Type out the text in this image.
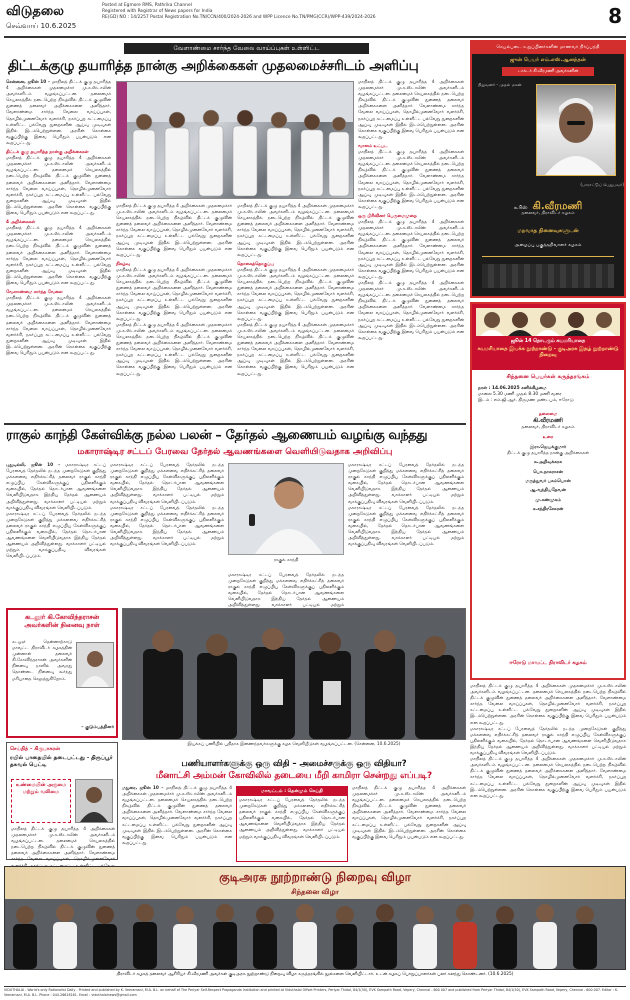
விடுதலை
செவ்வாய் 10.6.2025
Posted at Egmore RMS, Pathrika Channel
Registered with Registrar of News papers for India
RE(GD) NO : 14/2257 Postal Registration No.TN/CCN/400/2024-2026 and WPP Licence No.TN/PMG(CCR)/WPP-439/2024-2026	8
வேளாண்மை சார்ந்த வேலை வாய்ப்புகள் உள்ளிட்ட
திட்டக்குழு தயாரித்த நான்கு அறிக்கைகள் முதலமைச்சரிடம் அளிப்பு
சென்னை, ஜூன் 10 – மாநிலத் திட்டக் குழு தயாரித்த 4 அறிக்கைகள் முதலமைச்சர் மு.க.ஸ்டாலின் அவர்களிடம் வழங்கப்பட்டன. தலைமைச் செயலகத்தில் நடைபெற்ற நிகழ்வில் திட்டக் குழுவின் துணைத் தலைவர் அறிக்கைகளை அளித்தார். வேளாண்மை சார்ந்த வேலை வாய்ப்புகள், தொழில்முனைவோர் வளர்ச்சி, நகர்ப்புற கட்டமைப்பு உள்ளிட்ட பல்வேறு துறைகளின் ஆய்வு முடிவுகள் இதில் இடம்பெற்றுள்ளன. அரசின் கொள்கை வகுப்பிற்கு இவை பெரிதும் பயன்படும் என கூறப்பட்டது.
திட்டக் குழு தயாரித்த நான்கு அறிக்கைகள்
மாநிலத் திட்டக் குழு தயாரித்த 4 அறிக்கைகள் முதலமைச்சர் மு.க.ஸ்டாலின் அவர்களிடம் வழங்கப்பட்டன. தலைமைச் செயலகத்தில் நடைபெற்ற நிகழ்வில் திட்டக் குழுவின் துணைத் தலைவர் அறிக்கைகளை அளித்தார். வேளாண்மை சார்ந்த வேலை வாய்ப்புகள், தொழில்முனைவோர் வளர்ச்சி, நகர்ப்புற கட்டமைப்பு உள்ளிட்ட பல்வேறு துறைகளின் ஆய்வு முடிவுகள் இதில் இடம்பெற்றுள்ளன. அரசின் கொள்கை வகுப்பிற்கு இவை பெரிதும் பயன்படும் என கூறப்பட்டது.
4 அறிக்கைகள்
மாநிலத் திட்டக் குழு தயாரித்த 4 அறிக்கைகள் முதலமைச்சர் மு.க.ஸ்டாலின் அவர்களிடம் வழங்கப்பட்டன. தலைமைச் செயலகத்தில் நடைபெற்ற நிகழ்வில் திட்டக் குழுவின் துணைத் தலைவர் அறிக்கைகளை அளித்தார். வேளாண்மை சார்ந்த வேலை வாய்ப்புகள், தொழில்முனைவோர் வளர்ச்சி, நகர்ப்புற கட்டமைப்பு உள்ளிட்ட பல்வேறு துறைகளின் ஆய்வு முடிவுகள் இதில் இடம்பெற்றுள்ளன. அரசின் கொள்கை வகுப்பிற்கு இவை பெரிதும் பயன்படும் என கூறப்பட்டது.
வேளாண்மை சார்ந்த வேலை
மாநிலத் திட்டக் குழு தயாரித்த 4 அறிக்கைகள் முதலமைச்சர் மு.க.ஸ்டாலின் அவர்களிடம் வழங்கப்பட்டன. தலைமைச் செயலகத்தில் நடைபெற்ற நிகழ்வில் திட்டக் குழுவின் துணைத் தலைவர் அறிக்கைகளை அளித்தார். வேளாண்மை சார்ந்த வேலை வாய்ப்புகள், தொழில்முனைவோர் வளர்ச்சி, நகர்ப்புற கட்டமைப்பு உள்ளிட்ட பல்வேறு துறைகளின் ஆய்வு முடிவுகள் இதில் இடம்பெற்றுள்ளன. அரசின் கொள்கை வகுப்பிற்கு இவை பெரிதும் பயன்படும் என கூறப்பட்டது.
மாநிலத் திட்டக் குழு தயாரித்த 4 அறிக்கைகள் முதலமைச்சர் மு.க.ஸ்டாலின் அவர்களிடம் வழங்கப்பட்டன. தலைமைச் செயலகத்தில் நடைபெற்ற நிகழ்வில் திட்டக் குழுவின் துணைத் தலைவர் அறிக்கைகளை அளித்தார். வேளாண்மை சார்ந்த வேலை வாய்ப்புகள், தொழில்முனைவோர் வளர்ச்சி, நகர்ப்புற கட்டமைப்பு உள்ளிட்ட பல்வேறு துறைகளின் ஆய்வு முடிவுகள் இதில் இடம்பெற்றுள்ளன. அரசின் கொள்கை வகுப்பிற்கு இவை பெரிதும் பயன்படும் என கூறப்பட்டது.
வானம் உட்பட
மாநிலத் திட்டக் குழு தயாரித்த 4 அறிக்கைகள் முதலமைச்சர் மு.க.ஸ்டாலின் அவர்களிடம் வழங்கப்பட்டன. தலைமைச் செயலகத்தில் நடைபெற்ற நிகழ்வில் திட்டக் குழுவின் துணைத் தலைவர் அறிக்கைகளை அளித்தார். வேளாண்மை சார்ந்த வேலை வாய்ப்புகள், தொழில்முனைவோர் வளர்ச்சி, நகர்ப்புற கட்டமைப்பு உள்ளிட்ட பல்வேறு துறைகளின் ஆய்வு முடிவுகள் இதில் இடம்பெற்றுள்ளன. அரசின் கொள்கை வகுப்பிற்கு இவை பெரிதும் பயன்படும் என கூறப்பட்டது.
ஒரு பிரிவினர் பெருமைமுறை
மாநிலத் திட்டக் குழு தயாரித்த 4 அறிக்கைகள் முதலமைச்சர் மு.க.ஸ்டாலின் அவர்களிடம் வழங்கப்பட்டன. தலைமைச் செயலகத்தில் நடைபெற்ற நிகழ்வில் திட்டக் குழுவின் துணைத் தலைவர் அறிக்கைகளை அளித்தார். வேளாண்மை சார்ந்த வேலை வாய்ப்புகள், தொழில்முனைவோர் வளர்ச்சி, நகர்ப்புற கட்டமைப்பு உள்ளிட்ட பல்வேறு துறைகளின் ஆய்வு முடிவுகள் இதில் இடம்பெற்றுள்ளன. அரசின் கொள்கை வகுப்பிற்கு இவை பெரிதும் பயன்படும் என கூறப்பட்டது.
மாநிலத் திட்டக் குழு தயாரித்த 4 அறிக்கைகள் முதலமைச்சர் மு.க.ஸ்டாலின் அவர்களிடம் வழங்கப்பட்டன. தலைமைச் செயலகத்தில் நடைபெற்ற நிகழ்வில் திட்டக் குழுவின் துணைத் தலைவர் அறிக்கைகளை அளித்தார். வேளாண்மை சார்ந்த வேலை வாய்ப்புகள், தொழில்முனைவோர் வளர்ச்சி, நகர்ப்புற கட்டமைப்பு உள்ளிட்ட பல்வேறு துறைகளின் ஆய்வு முடிவுகள் இதில் இடம்பெற்றுள்ளன. அரசின் கொள்கை வகுப்பிற்கு இவை பெரிதும் பயன்படும் என கூறப்பட்டது.
மாநிலத் திட்டக் குழு தயாரித்த 4 அறிக்கைகள் முதலமைச்சர் மு.க.ஸ்டாலின் அவர்களிடம் வழங்கப்பட்டன. தலைமைச் செயலகத்தில் நடைபெற்ற நிகழ்வில் திட்டக் குழுவின் துணைத் தலைவர் அறிக்கைகளை அளித்தார். வேளாண்மை சார்ந்த வேலை வாய்ப்புகள், தொழில்முனைவோர் வளர்ச்சி, நகர்ப்புற கட்டமைப்பு உள்ளிட்ட பல்வேறு துறைகளின் ஆய்வு முடிவுகள் இதில் இடம்பெற்றுள்ளன. அரசின் கொள்கை வகுப்பிற்கு இவை பெரிதும் பயன்படும் என கூறப்பட்டது.
நிகழ்வு
மாநிலத் திட்டக் குழு தயாரித்த 4 அறிக்கைகள் முதலமைச்சர் மு.க.ஸ்டாலின் அவர்களிடம் வழங்கப்பட்டன. தலைமைச் செயலகத்தில் நடைபெற்ற நிகழ்வில் திட்டக் குழுவின் துணைத் தலைவர் அறிக்கைகளை அளித்தார். வேளாண்மை சார்ந்த வேலை வாய்ப்புகள், தொழில்முனைவோர் வளர்ச்சி, நகர்ப்புற கட்டமைப்பு உள்ளிட்ட பல்வேறு துறைகளின் ஆய்வு முடிவுகள் இதில் இடம்பெற்றுள்ளன. அரசின் கொள்கை வகுப்பிற்கு இவை பெரிதும் பயன்படும் என கூறப்பட்டது.
மாநிலத் திட்டக் குழு தயாரித்த 4 அறிக்கைகள் முதலமைச்சர் மு.க.ஸ்டாலின் அவர்களிடம் வழங்கப்பட்டன. தலைமைச் செயலகத்தில் நடைபெற்ற நிகழ்வில் திட்டக் குழுவின் துணைத் தலைவர் அறிக்கைகளை அளித்தார். வேளாண்மை சார்ந்த வேலை வாய்ப்புகள், தொழில்முனைவோர் வளர்ச்சி, நகர்ப்புற கட்டமைப்பு உள்ளிட்ட பல்வேறு துறைகளின் ஆய்வு முடிவுகள் இதில் இடம்பெற்றுள்ளன. அரசின் கொள்கை வகுப்பிற்கு இவை பெரிதும் பயன்படும் என கூறப்பட்டது.
மாநிலத் திட்டக் குழு தயாரித்த 4 அறிக்கைகள் முதலமைச்சர் மு.க.ஸ்டாலின் அவர்களிடம் வழங்கப்பட்டன. தலைமைச் செயலகத்தில் நடைபெற்ற நிகழ்வில் திட்டக் குழுவின் துணைத் தலைவர் அறிக்கைகளை அளித்தார். வேளாண்மை சார்ந்த வேலை வாய்ப்புகள், தொழில்முனைவோர் வளர்ச்சி, நகர்ப்புற கட்டமைப்பு உள்ளிட்ட பல்வேறு துறைகளின் ஆய்வு முடிவுகள் இதில் இடம்பெற்றுள்ளன. அரசின் கொள்கை வகுப்பிற்கு இவை பெரிதும் பயன்படும் என கூறப்பட்டது.
தொகைத்தொகுப்பு
மாநிலத் திட்டக் குழு தயாரித்த 4 அறிக்கைகள் முதலமைச்சர் மு.க.ஸ்டாலின் அவர்களிடம் வழங்கப்பட்டன. தலைமைச் செயலகத்தில் நடைபெற்ற நிகழ்வில் திட்டக் குழுவின் துணைத் தலைவர் அறிக்கைகளை அளித்தார். வேளாண்மை சார்ந்த வேலை வாய்ப்புகள், தொழில்முனைவோர் வளர்ச்சி, நகர்ப்புற கட்டமைப்பு உள்ளிட்ட பல்வேறு துறைகளின் ஆய்வு முடிவுகள் இதில் இடம்பெற்றுள்ளன. அரசின் கொள்கை வகுப்பிற்கு இவை பெரிதும் பயன்படும் என கூறப்பட்டது.
மாநிலத் திட்டக் குழு தயாரித்த 4 அறிக்கைகள் முதலமைச்சர் மு.க.ஸ்டாலின் அவர்களிடம் வழங்கப்பட்டன. தலைமைச் செயலகத்தில் நடைபெற்ற நிகழ்வில் திட்டக் குழுவின் துணைத் தலைவர் அறிக்கைகளை அளித்தார். வேளாண்மை சார்ந்த வேலை வாய்ப்புகள், தொழில்முனைவோர் வளர்ச்சி, நகர்ப்புற கட்டமைப்பு உள்ளிட்ட பல்வேறு துறைகளின் ஆய்வு முடிவுகள் இதில் இடம்பெற்றுள்ளன. அரசின் கொள்கை வகுப்பிற்கு இவை பெரிதும் பயன்படும் என கூறப்பட்டது.
செயல்படை உறுப்பினர்களின் மாணவர் நிர்ப்பந்தி
ஜுன் பெயர் எம்.எஸ்.ஆனந்தன்
டாக்டர் கி.வீரமணி அவர்களின்
நிறுவனர் - முதல் மகன்
(பாராட்டுப் பெறுபவர்)
சு.ரிஸ் கி.வீரமணி
தலைவர், திராவிடர் கழகம்
மறவாத நினைவுகளுடன்
அழைப்பு பகுத்தறிவாளர் கழகம்
ஜூன் 14 தொடரும் சுயமரியாதை
சுயமரியாதை இயக்க நூற்றாண்டு - குடிஅரசு இதழ் நூற்றாண்டு நிறைவு
சிந்தனை பெயர்கள் கருத்தரங்கம்
நாள் : 14.06.2025 சனிக்கிழமை
மாலை 5.30 மணி முதல் 8.30 மணி வரை
இடம் : எம்.ஜி.ஆர். திருமண மண்டபம், ஈரோடு
தலைமை
கி.வீரமணி
தலைவர், திராவிடர் கழகம்
உரை
இரா.ஜெயக்குமார்
திட்டக் குழு தயாரித்த நான்கு அறிக்கைகள்
சு.அறிவுக்கரசு
பொ.நாகராசன்
மருத்துவர் பசும்பொன்
ஆ.வந்தியதேவன்
மு.சண்முகம்
க.சந்திரசேகரன்
ஈரோடு மாவட்ட திராவிடர் கழகம்
ராகுல் காந்தி கேள்விக்கு நல்ல பலன் – தேர்தல் ஆணையம் வழங்கு வந்தது
மகாராஷ்டிர சட்டப் பேரவை தேர்தல் ஆவணங்களை வெளியிடுவதாக அறிவிப்பு
புதுடில்லி, ஜூன் 10 – மகாராஷ்டிர சட்டப் பேரவைத் தேர்தலில் நடந்த முறைகேடுகள் குறித்து மக்களவை எதிர்க்கட்சித் தலைவர் ராகுல் காந்தி எழுப்பிய கேள்விகளுக்குப் பதிலளிக்கும் வகையில், தேர்தல் தொடர்பான ஆவணங்களை வெளியிடுவதாக இந்திய தேர்தல் ஆணையம் அறிவித்துள்ளது. வாக்காளர் பட்டியல் மற்றும் வாக்குப்பதிவு விவரங்கள் வெளியிடப்படும்.
மகாராஷ்டிர சட்டப் பேரவைத் தேர்தலில் நடந்த முறைகேடுகள் குறித்து மக்களவை எதிர்க்கட்சித் தலைவர் ராகுல் காந்தி எழுப்பிய கேள்விகளுக்குப் பதிலளிக்கும் வகையில், தேர்தல் தொடர்பான ஆவணங்களை வெளியிடுவதாக இந்திய தேர்தல் ஆணையம் அறிவித்துள்ளது. வாக்காளர் பட்டியல் மற்றும் வாக்குப்பதிவு விவரங்கள் வெளியிடப்படும்.
மகாராஷ்டிர சட்டப் பேரவைத் தேர்தலில் நடந்த முறைகேடுகள் குறித்து மக்களவை எதிர்க்கட்சித் தலைவர் ராகுல் காந்தி எழுப்பிய கேள்விகளுக்குப் பதிலளிக்கும் வகையில், தேர்தல் தொடர்பான ஆவணங்களை வெளியிடுவதாக இந்திய தேர்தல் ஆணையம் அறிவித்துள்ளது. வாக்காளர் பட்டியல் மற்றும் வாக்குப்பதிவு விவரங்கள் வெளியிடப்படும்.
மகாராஷ்டிர சட்டப் பேரவைத் தேர்தலில் நடந்த முறைகேடுகள் குறித்து மக்களவை எதிர்க்கட்சித் தலைவர் ராகுல் காந்தி எழுப்பிய கேள்விகளுக்குப் பதிலளிக்கும் வகையில், தேர்தல் தொடர்பான ஆவணங்களை வெளியிடுவதாக இந்திய தேர்தல் ஆணையம் அறிவித்துள்ளது. வாக்காளர் பட்டியல் மற்றும் வாக்குப்பதிவு விவரங்கள் வெளியிடப்படும்.
ராகுல் காந்தி
மகாராஷ்டிர சட்டப் பேரவைத் தேர்தலில் நடந்த முறைகேடுகள் குறித்து மக்களவை எதிர்க்கட்சித் தலைவர் ராகுல் காந்தி எழுப்பிய கேள்விகளுக்குப் பதிலளிக்கும் வகையில், தேர்தல் தொடர்பான ஆவணங்களை வெளியிடுவதாக இந்திய தேர்தல் ஆணையம் அறிவித்துள்ளது. வாக்காளர் பட்டியல் மற்றும்
மகாராஷ்டிர சட்டப் பேரவைத் தேர்தலில் நடந்த முறைகேடுகள் குறித்து மக்களவை எதிர்க்கட்சித் தலைவர் ராகுல் காந்தி எழுப்பிய கேள்விகளுக்குப் பதிலளிக்கும் வகையில், தேர்தல் தொடர்பான ஆவணங்களை வெளியிடுவதாக இந்திய தேர்தல் ஆணையம் அறிவித்துள்ளது. வாக்காளர் பட்டியல் மற்றும் வாக்குப்பதிவு விவரங்கள் வெளியிடப்படும்.
மகாராஷ்டிர சட்டப் பேரவைத் தேர்தலில் நடந்த முறைகேடுகள் குறித்து மக்களவை எதிர்க்கட்சித் தலைவர் ராகுல் காந்தி எழுப்பிய கேள்விகளுக்குப் பதிலளிக்கும் வகையில், தேர்தல் தொடர்பான ஆவணங்களை வெளியிடுவதாக இந்திய தேர்தல் ஆணையம் அறிவித்துள்ளது. வாக்காளர் பட்டியல் மற்றும் வாக்குப்பதிவு விவரங்கள் வெளியிடப்படும்.
கடலூர் கி.கோவிந்தராசன் அவர்களின் நினைவு நாள்
கடலூர் தென்னாற்காடு மாவட்ட திராவிடர் கழகத்தின் முன்னாள் தலைவர் கி.கோவிந்தராசன் அவர்களின் நினைவு நாளில் அவரது தொண்டை நினைவு கூர்ந்து மரியாதை செலுத்துகிறோம்.
– குடும்பத்தினர்
இயக்கப் பணியில் புதிதாக இணைந்தவர்களுக்கு கழக வெளியீடுகள் வழங்கப்பட்டன. (சென்னை, 10.6.2025)
செய்தித் – கிருபாகரன்
ரயில் பாதையில் தடைபட்டது - திருப்பூர் தகவல் பெட்டி
உண்மையின் அருமை மற்றும் வலிமை
மாநிலத் திட்டக் குழு தயாரித்த 4 அறிக்கைகள் முதலமைச்சர் மு.க.ஸ்டாலின் அவர்களிடம் வழங்கப்பட்டன. தலைமைச் செயலகத்தில் நடைபெற்ற நிகழ்வில் திட்டக் குழுவின் துணைத் தலைவர் அறிக்கைகளை அளித்தார். வேளாண்மை சார்ந்த வேலை வாய்ப்புகள், தொழில்முனைவோர்
பணியாளர்களுக்கு ஒரு விதி – அமைச்சருக்கு ஒரு விதியா?
மீனாட்சி அம்மன் கோவிலில் தடையை மீறி காமிரா சென்றது எப்படி?
மதுரை, ஜூன் 10 – மாநிலத் திட்டக் குழு தயாரித்த 4 அறிக்கைகள் முதலமைச்சர் மு.க.ஸ்டாலின் அவர்களிடம் வழங்கப்பட்டன. தலைமைச் செயலகத்தில் நடைபெற்ற நிகழ்வில் திட்டக் குழுவின் துணைத் தலைவர் அறிக்கைகளை அளித்தார். வேளாண்மை சார்ந்த வேலை வாய்ப்புகள், தொழில்முனைவோர் வளர்ச்சி, நகர்ப்புற கட்டமைப்பு உள்ளிட்ட பல்வேறு துறைகளின் ஆய்வு முடிவுகள் இதில் இடம்பெற்றுள்ளன. அரசின் கொள்கை வகுப்பிற்கு இவை பெரிதும் பயன்படும் என கூறப்பட்டது.
மாவட்டம் : தென்மும் செய்தி
மகாராஷ்டிர சட்டப் பேரவைத் தேர்தலில் நடந்த முறைகேடுகள் குறித்து மக்களவை எதிர்க்கட்சித் தலைவர் ராகுல் காந்தி எழுப்பிய கேள்விகளுக்குப் பதிலளிக்கும் வகையில், தேர்தல் தொடர்பான ஆவணங்களை வெளியிடுவதாக இந்திய தேர்தல் ஆணையம் அறிவித்துள்ளது. வாக்காளர் பட்டியல் மற்றும் வாக்குப்பதிவு விவரங்கள் வெளியிடப்படும்.
மாநிலத் திட்டக் குழு தயாரித்த 4 அறிக்கைகள் முதலமைச்சர் மு.க.ஸ்டாலின் அவர்களிடம் வழங்கப்பட்டன. தலைமைச் செயலகத்தில் நடைபெற்ற நிகழ்வில் திட்டக் குழுவின் துணைத் தலைவர் அறிக்கைகளை அளித்தார். வேளாண்மை சார்ந்த வேலை வாய்ப்புகள், தொழில்முனைவோர் வளர்ச்சி, நகர்ப்புற கட்டமைப்பு உள்ளிட்ட பல்வேறு துறைகளின் ஆய்வு முடிவுகள் இதில் இடம்பெற்றுள்ளன. அரசின் கொள்கை வகுப்பிற்கு இவை பெரிதும் பயன்படும் என கூறப்பட்டது.
மாநிலத் திட்டக் குழு தயாரித்த 4 அறிக்கைகள் முதலமைச்சர் மு.க.ஸ்டாலின் அவர்களிடம் வழங்கப்பட்டன. தலைமைச் செயலகத்தில் நடைபெற்ற நிகழ்வில் திட்டக் குழுவின் துணைத் தலைவர் அறிக்கைகளை அளித்தார். வேளாண்மை சார்ந்த வேலை வாய்ப்புகள், தொழில்முனைவோர் வளர்ச்சி, நகர்ப்புற கட்டமைப்பு உள்ளிட்ட பல்வேறு துறைகளின் ஆய்வு முடிவுகள் இதில் இடம்பெற்றுள்ளன. அரசின் கொள்கை வகுப்பிற்கு இவை பெரிதும் பயன்படும் என கூறப்பட்டது.
மகாராஷ்டிர சட்டப் பேரவைத் தேர்தலில் நடந்த முறைகேடுகள் குறித்து மக்களவை எதிர்க்கட்சித் தலைவர் ராகுல் காந்தி எழுப்பிய கேள்விகளுக்குப் பதிலளிக்கும் வகையில், தேர்தல் தொடர்பான ஆவணங்களை வெளியிடுவதாக இந்திய தேர்தல் ஆணையம் அறிவித்துள்ளது. வாக்காளர் பட்டியல் மற்றும் வாக்குப்பதிவு விவரங்கள் வெளியிடப்படும்.
மாநிலத் திட்டக் குழு தயாரித்த 4 அறிக்கைகள் முதலமைச்சர் மு.க.ஸ்டாலின் அவர்களிடம் வழங்கப்பட்டன. தலைமைச் செயலகத்தில் நடைபெற்ற நிகழ்வில் திட்டக் குழுவின் துணைத் தலைவர் அறிக்கைகளை அளித்தார். வேளாண்மை சார்ந்த வேலை வாய்ப்புகள், தொழில்முனைவோர் வளர்ச்சி, நகர்ப்புற கட்டமைப்பு உள்ளிட்ட பல்வேறு துறைகளின் ஆய்வு முடிவுகள் இதில் இடம்பெற்றுள்ளன. அரசின் கொள்கை வகுப்பிற்கு இவை பெரிதும் பயன்படும் என கூறப்பட்டது.
குடிஅரசு நூற்றாண்டு நிறைவு விழா
சிந்தனை விழா
திராவிடர் கழகத் தலைவர் ஆசிரியர் கி.வீரமணி அவர்கள் குடிஅரசு நூற்றாண்டு நிறைவு விழா கருத்தரங்கில் நூல்களை வெளியிட்டார். உடன் கழகப் பொறுப்பாளர்கள் பலர் கலந்து கொண்டனர். (10.6.2025)
VIDUTHALAI - World's only Rationalist Daily - Printed and published by K. Veeramani, M.A. B.L. on behalf of The Periyar Self-Respect Propaganda Institution and printed at Viduthalai Offset Printers, Periyar Thidal, 84/1(50), EVK Sampath Road, Vepery, Chennai - 600 007 and published from Periyar Thidal, 84/1(50), EVK Sampath Road, Vepery, Chennai - 600 007. Editor : K. Veeramani, M.A. B.L. Phone : 044-26618161. Email : viduthalainews@gmail.com
